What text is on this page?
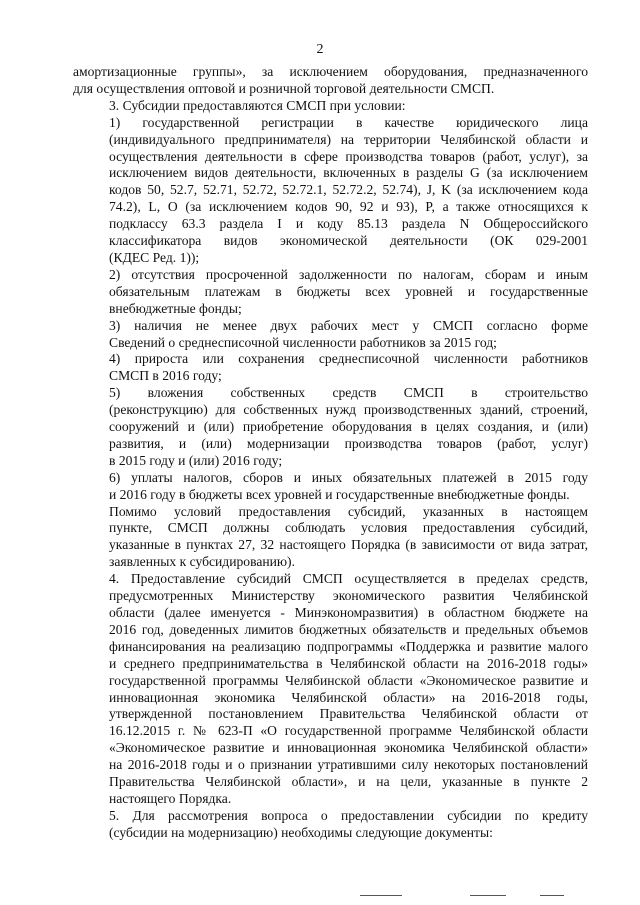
2

амортизационные группы», за исключением оборудования, предназначенного
для осуществления оптовой и розничной торговой деятельности СМСП.

3. Субсидии предоставляются СМСП при условии:

1) государственной регистрации в качестве юридического лица
(индивидуального предпринимателя) на территории Челябинской области и
осуществления деятельности в сфере производства товаров (работ, услуг), за
исключением видов деятельности, включенных в разделы G (за исключением
кодов 50, 52.7, 52.71, 52.72, 52.72.1, 52.72.2, 52.74), J, K (за исключением кода
74.2), L, O (за исключением кодов 90, 92 и 93), P, а также относящихся к
подклассу 63.3 раздела I и коду 85.13 раздела N Общероссийского
классификатора видов экономической деятельности (ОК 029-2001
(КДЕС Ред. 1));

2) отсутствия просроченной задолженности по налогам, сборам и иным
обязательным платежам в бюджеты всех уровней и государственные
внебюджетные фонды;

3) наличия не менее двух рабочих мест у СМСП согласно форме
Сведений о среднесписочной численности работников за 2015 год;

4) прироста или сохранения среднесписочной численности работников
СМСП в 2016 году;

5) вложения собственных средств СМСП в строительство
(реконструкцию) для собственных нужд производственных зданий, строений,
сооружений и (или) приобретение оборудования в целях создания, и (или)
развития, и (или) модернизации производства товаров (работ, услуг)
в 2015 году и (или) 2016 году;

6) уплаты налогов, сборов и иных обязательных платежей в 2015 году
и 2016 году в бюджеты всех уровней и государственные внебюджетные фонды.

Помимо условий предоставления субсидий, указанных в настоящем
пункте, СМСП должны соблюдать условия предоставления субсидий,
указанные в пунктах 27, 32 настоящего Порядка (в зависимости от вида затрат,
заявленных к субсидированию).

4. Предоставление субсидий СМСП осуществляется в пределах средств,
предусмотренных Министерству экономического развития Челябинской
области (далее именуется - Минэкономразвития) в областном бюджете на
2016 год, доведенных лимитов бюджетных обязательств и предельных объемов
финансирования на реализацию подпрограммы «Поддержка и развитие малого
и среднего предпринимательства в Челябинской области на 2016-2018 годы»
государственной программы Челябинской области «Экономическое развитие и
инновационная экономика Челябинской области» на 2016-2018 годы,
утвержденной постановлением Правительства Челябинской области от
16.12.2015 г. № 623-П «О государственной программе Челябинской области
«Экономическое развитие и инновационная экономика Челябинской области»
на 2016-2018 годы и о признании утратившими силу некоторых постановлений
Правительства Челябинской области», и на цели, указанные в пункте 2
настоящего Порядка.

5. Для рассмотрения вопроса о предоставлении субсидии по кредиту
(субсидии на модернизацию) необходимы следующие документы:
